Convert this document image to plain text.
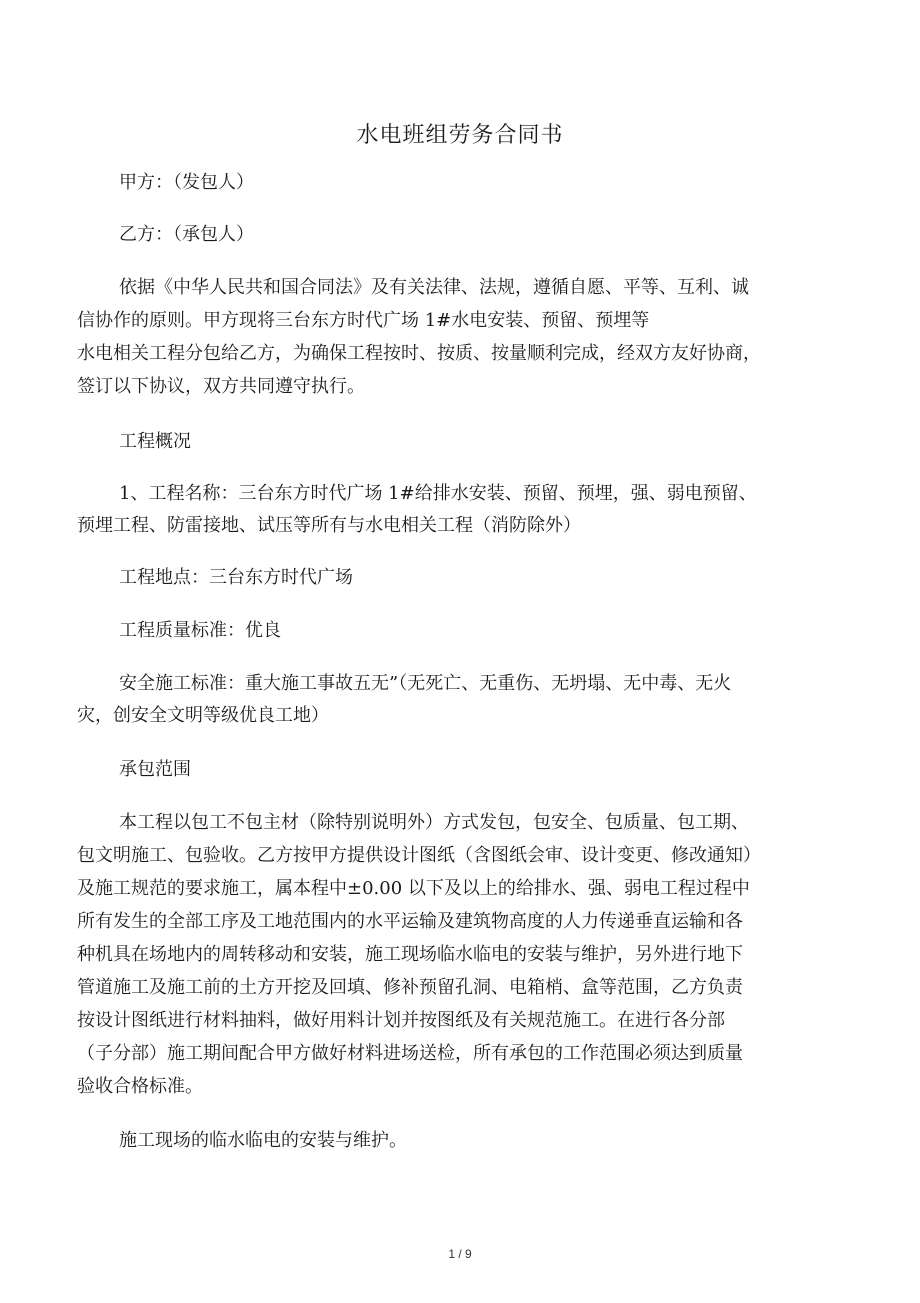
水电班组劳务合同书
甲方：（发包人）
乙方：（承包人）
依据《中华人民共和国合同法》及有关法律、法规，遵循自愿、平等、互利、诚
信协作的原则。甲方现将三台东方时代广场 1#水电安装、预留、预埋等
水电相关工程分包给乙方，为确保工程按时、按质、按量顺利完成，经双方友好协商，
签订以下协议，双方共同遵守执行。
工程概况
1、工程名称：三台东方时代广场 1#给排水安装、预留、预埋，强、弱电预留、
预埋工程、防雷接地、试压等所有与水电相关工程（消防除外）
工程地点：三台东方时代广场
工程质量标准：优良
安全施工标准：重大施工事故五无”（无死亡、无重伤、无坍塌、无中毒、无火
灾，创安全文明等级优良工地）
承包范围
本工程以包工不包主材（除特别说明外）方式发包，包安全、包质量、包工期、
包文明施工、包验收。乙方按甲方提供设计图纸（含图纸会审、设计变更、修改通知）
及施工规范的要求施工，属本程中±0.00 以下及以上的给排水、强、弱电工程过程中
所有发生的全部工序及工地范围内的水平运输及建筑物高度的人力传递垂直运输和各
种机具在场地内的周转移动和安装，施工现场临水临电的安装与维护，另外进行地下
管道施工及施工前的土方开挖及回填、修补预留孔洞、电箱梢、盒等范围，乙方负责
按设计图纸进行材料抽料，做好用料计划并按图纸及有关规范施工。在进行各分部
（子分部）施工期间配合甲方做好材料进场送检，所有承包的工作范围必须达到质量
验收合格标准。
施工现场的临水临电的安装与维护。
1 / 9
